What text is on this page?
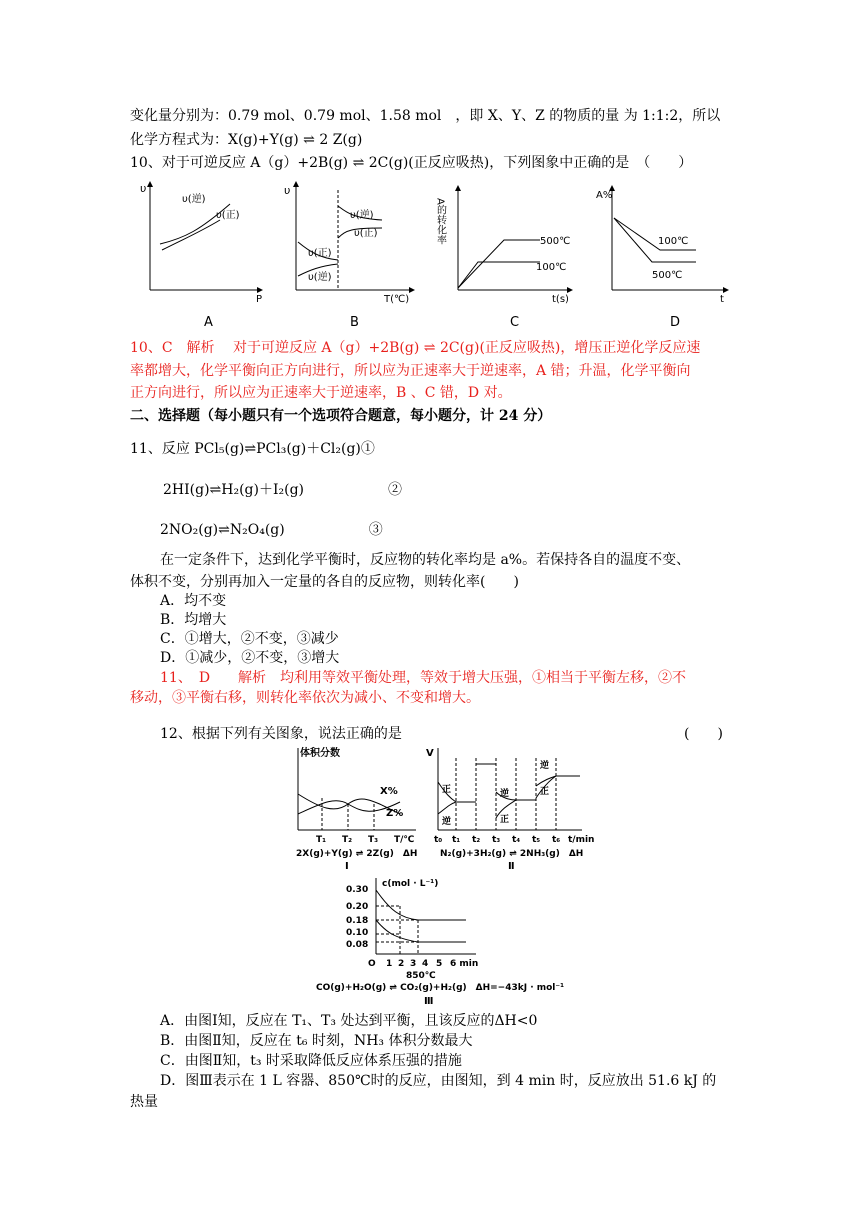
变化量分别为：0.79 mol、0.79 mol、1.58 mol　，即 X、Y、Z 的物质的量 为 1:1:2，所以
化学方程式为：X(g)+Y(g) ⇌ 2 Z(g)
10、对于可逆反应 A（g）+2B(g) ⇌ 2C(g)(正反应吸热)，下列图象中正确的是　（　　）
υ
P
υ(逆)
υ(正)
A
υ
T(℃)
υ(逆)
υ(正)
υ(正)
υ(逆)
B
A的转化率
t(s)
500℃
100℃
C
A%
t
100℃
500℃
D
10、C　解析　 对于可逆反应 A（g）+2B(g) ⇌ 2C(g)(正反应吸热)，增压正逆化学反应速
率都增大，化学平衡向正方向进行，所以应为正速率大于逆速率，A 错；升温，化学平衡向
正方向进行，所以应为正速率大于逆速率，B 、C 错，D 对。
二、选择题（每小题只有一个选项符合题意，每小题分，计 24 分）
11、反应 PCl₅(g)⇌PCl₃(g)＋Cl₂(g)①
2HI(g)⇌H₂(g)＋I₂(g)　　　　　　②
2NO₂(g)⇌N₂O₄(g)　　　　　　③
在一定条件下，达到化学平衡时，反应物的转化率均是 a%。若保持各自的温度不变、
体积不变，分别再加入一定量的各自的反应物，则转化率(　　)
A．均不变
B．均增大
C．①增大，②不变，③减少
D．①减少，②不变，③增大
11、　D　　解析　均利用等效平衡处理，等效于增大压强，①相当于平衡左移，②不
移动，③平衡右移，则转化率依次为减小、不变和增大。
12、根据下列有关图象，说法正确的是	(　　)
体积分数
X%
Z%
T₁ T₂ T₃ T/℃
2X(g)+Y(g) ⇌ 2Z(g)　ΔH
Ⅰ
V
正
逆
逆
正
逆
正
t₀ t₁ t₂ t₃ t₄ t₅ t₆ t/min
N₂(g)+3H₂(g) ⇌ 2NH₃(g)　ΔH
Ⅱ
c(mol · L⁻¹)
0.30
0.20
0.18
0.10
0.08
O 1 2 3 4 5 6 min
850℃
CO(g)+H₂O(g) ⇌ CO₂(g)+H₂(g)　ΔH=−43kJ · mol⁻¹
Ⅲ
A．由图Ⅰ知，反应在 T₁、T₃ 处达到平衡，且该反应的ΔH<0
B．由图Ⅱ知，反应在 t₆ 时刻，NH₃ 体积分数最大
C．由图Ⅱ知，t₃ 时采取降低反应体系压强的措施
D．图Ⅲ表示在 1 L 容器、850℃时的反应，由图知，到 4 min 时，反应放出 51.6 kJ 的
热量
